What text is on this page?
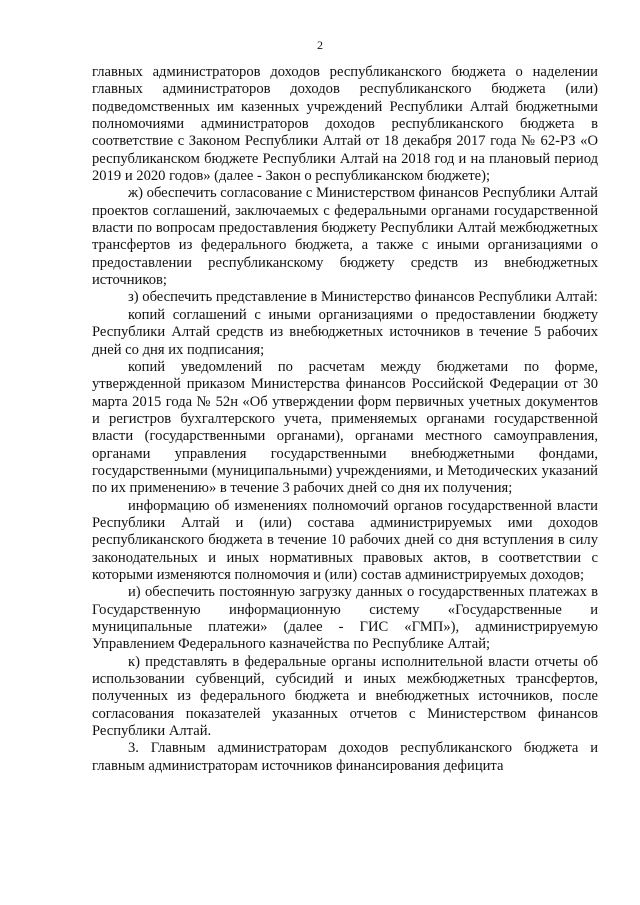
2

главных администраторов доходов республиканского бюджета о наделении главных администраторов доходов республиканского бюджета (или) подведомственных им казенных учреждений Республики Алтай бюджетными полномочиями администраторов доходов республиканского бюджета в соответствие с Законом Республики Алтай от 18 декабря 2017 года № 62-РЗ «О республиканском бюджете Республики Алтай на 2018 год и на плановый период 2019 и 2020 годов» (далее - Закон о республиканском бюджете);

ж) обеспечить согласование с Министерством финансов Республики Алтай проектов соглашений, заключаемых с федеральными органами государственной власти по вопросам предоставления бюджету Республики Алтай межбюджетных трансфертов из федерального бюджета, а также с иными организациями о предоставлении республиканскому бюджету средств из внебюджетных источников;

з) обеспечить представление в Министерство финансов Республики Алтай:

копий соглашений с иными организациями о предоставлении бюджету Республики Алтай средств из внебюджетных источников в течение 5 рабочих дней со дня их подписания;

копий уведомлений по расчетам между бюджетами по форме, утвержденной приказом Министерства финансов Российской Федерации от 30 марта 2015 года № 52н «Об утверждении форм первичных учетных документов и регистров бухгалтерского учета, применяемых органами государственной власти (государственными органами), органами местного самоуправления, органами управления государственными внебюджетными фондами, государственными (муниципальными) учреждениями, и Методических указаний по их применению» в течение 3 рабочих дней со дня их получения;

информацию об изменениях полномочий органов государственной власти Республики Алтай и (или) состава администрируемых ими доходов республиканского бюджета в течение 10 рабочих дней со дня вступления в силу законодательных и иных нормативных правовых актов, в соответствии с которыми изменяются полномочия и (или) состав администрируемых доходов;

и) обеспечить постоянную загрузку данных о государственных платежах в Государственную информационную систему «Государственные и муниципальные платежи» (далее - ГИС «ГМП»), администрируемую Управлением Федерального казначейства по Республике Алтай;

к) представлять в федеральные органы исполнительной власти отчеты об использовании субвенций, субсидий и иных межбюджетных трансфертов, полученных из федерального бюджета и внебюджетных источников, после согласования показателей указанных отчетов с Министерством финансов Республики Алтай.

3. Главным администраторам доходов республиканского бюджета и главным администраторам источников финансирования дефицита
